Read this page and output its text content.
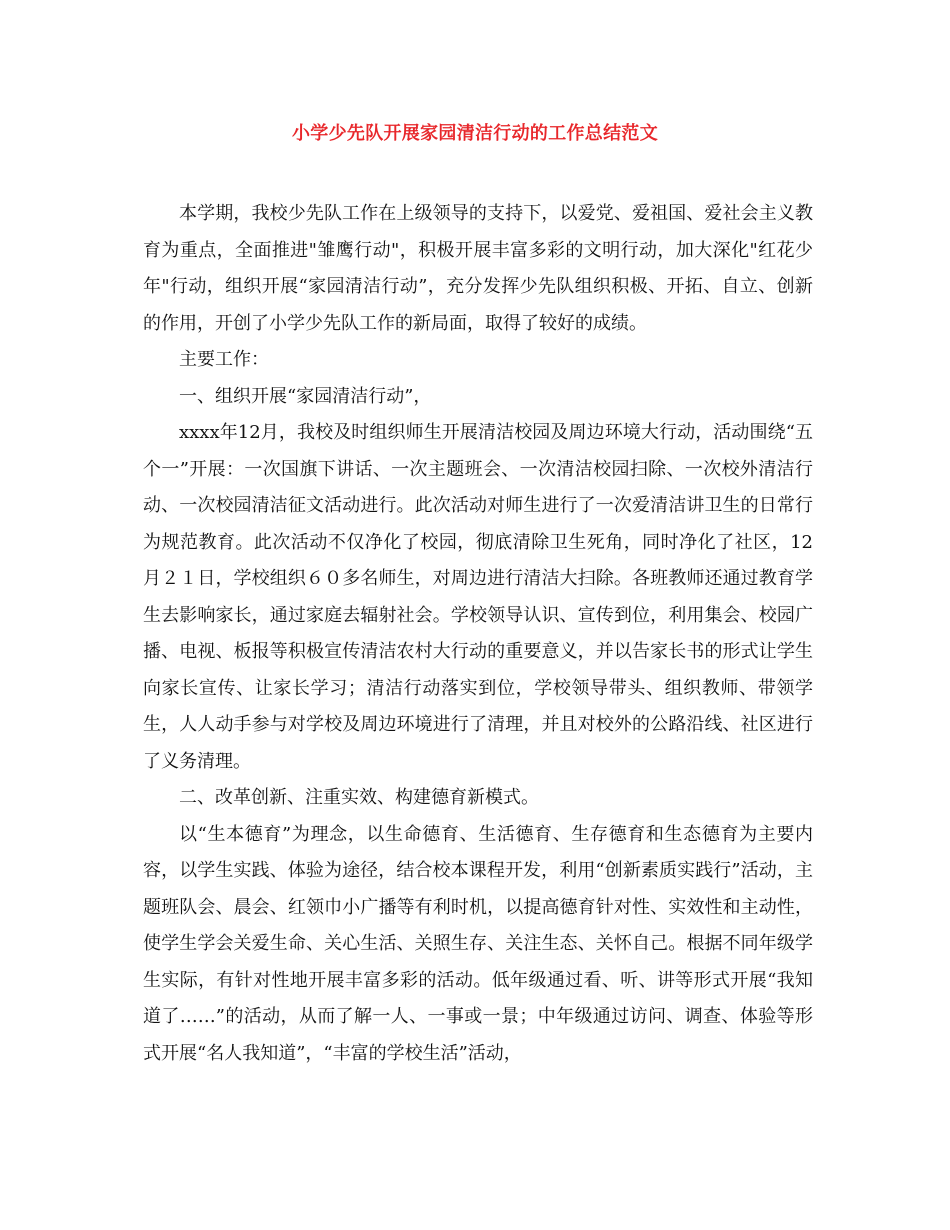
小学少先队开展家园清洁行动的工作总结范文

本学期，我校少先队工作在上级领导的支持下，以爱党、爱祖国、爱社会主义教育为重点，全面推进"雏鹰行动"，积极开展丰富多彩的文明行动，加大深化"红花少年"行动，组织开展“家园清洁行动”，充分发挥少先队组织积极、开拓、自立、创新的作用，开创了小学少先队工作的新局面，取得了较好的成绩。

主要工作：

一、组织开展“家园清洁行动”，

xxxx年12月，我校及时组织师生开展清洁校园及周边环境大行动，活动围绕“五个一”开展：一次国旗下讲话、一次主题班会、一次清洁校园扫除、一次校外清洁行动、一次校园清洁征文活动进行。此次活动对师生进行了一次爱清洁讲卫生的日常行为规范教育。此次活动不仅净化了校园，彻底清除卫生死角，同时净化了社区，12月２１日，学校组织６０多名师生，对周边进行清洁大扫除。各班教师还通过教育学生去影响家长，通过家庭去辐射社会。学校领导认识、宣传到位，利用集会、校园广播、电视、板报等积极宣传清洁农村大行动的重要意义，并以告家长书的形式让学生向家长宣传、让家长学习；清洁行动落实到位，学校领导带头、组织教师、带领学生，人人动手参与对学校及周边环境进行了清理，并且对校外的公路沿线、社区进行了义务清理。

二、改革创新、注重实效、构建德育新模式。

以“生本德育”为理念，以生命德育、生活德育、生存德育和生态德育为主要内容，以学生实践、体验为途径，结合校本课程开发，利用“创新素质实践行”活动，主题班队会、晨会、红领巾小广播等有利时机，以提高德育针对性、实效性和主动性，使学生学会关爱生命、关心生活、关照生存、关注生态、关怀自己。根据不同年级学生实际，有针对性地开展丰富多彩的活动。低年级通过看、听、讲等形式开展“我知道了……”的活动，从而了解一人、一事或一景；中年级通过访问、调查、体验等形式开展“名人我知道”，“丰富的学校生活”活动，
